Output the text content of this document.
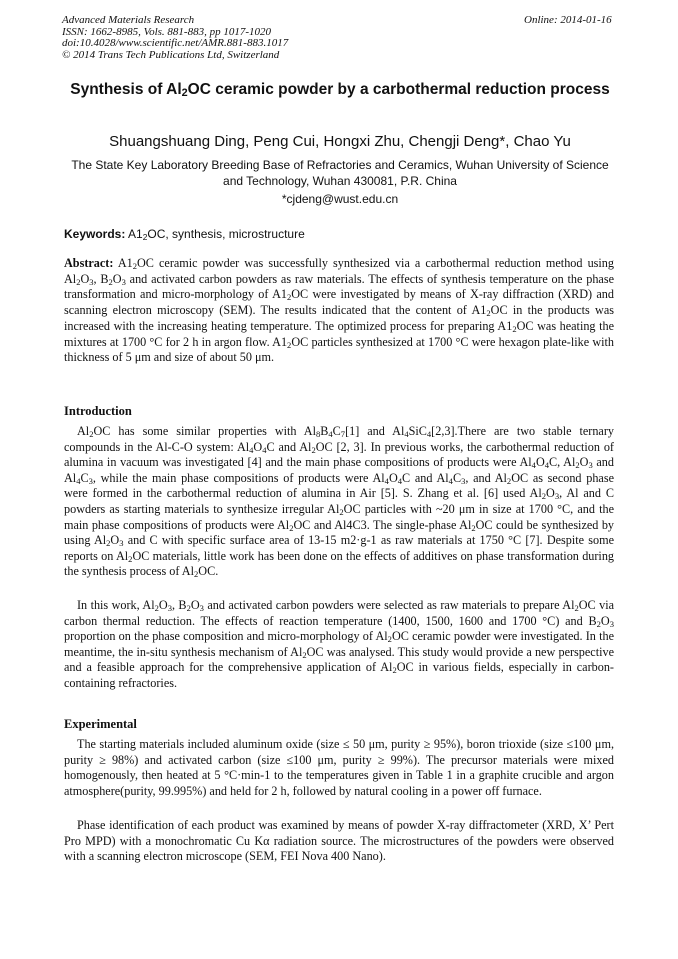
Advanced Materials Research
ISSN: 1662-8985, Vols. 881-883, pp 1017-1020
doi:10.4028/www.scientific.net/AMR.881-883.1017
© 2014 Trans Tech Publications Ltd, Switzerland
Online: 2014-01-16
Synthesis of $Al_2OC$ ceramic powder by a carbothermal reduction process
Shuangshuang Ding, Peng Cui, Hongxi Zhu, Chengji Deng*, Chao Yu
The State Key Laboratory Breeding Base of Refractories and Ceramics, Wuhan University of Science and Technology, Wuhan 430081, P.R. China
*cjdeng@wust.edu.cn
Keywords: $A1_2OC$, synthesis, microstructure

Abstract: $A1_2OC$ ceramic powder was successfully synthesized via a carbothermal reduction method using $Al_2O_3$, $B_2O_3$ and activated carbon powders as raw materials. The effects of synthesis temperature on the phase transformation and micro-morphology of $A1_2OC$ were investigated by means of X-ray diffraction (XRD) and scanning electron microscopy (SEM). The results indicated that the content of $A1_2OC$ in the products was increased with the increasing heating temperature. The optimized process for preparing $A1_2OC$ was heating the mixtures at 1700 °C for 2 h in argon flow. $A1_2OC$ particles synthesized at 1700 °C were hexagon plate-like with thickness of 5 μm and size of about 50 μm.

Introduction

$Al_2OC$ has some similar properties with $Al_8B_4C_7[1]$ and $Al_4SiC_4[2,3].There$ are two stable ternary compounds in the Al-C-O system: $Al_4O_4C$ and $Al_2OC$ [2, 3]. In previous works, the carbothermal reduction of alumina in vacuum was investigated [4] and the main phase compositions of products were $Al_4O_4C$, $Al_2O_3$ and $Al_4C_3$, while the main phase compositions of products were $Al_4O_4C$ and $Al_4C_3$, and $Al_2OC$ as second phase were formed in the carbothermal reduction of alumina in Air [5]. S. Zhang et al. [6] used $Al_2O_3$, Al and C powders as starting materials to synthesize irregular $Al_2OC$ particles with ~20 μm in size at 1700 °C, and the main phase compositions of products were $Al_2OC$ and Al4C3. The single-phase $Al_2OC$ could be synthesized by using $Al_2O_3$ and C with specific surface area of 13-15 m2·g-1 as raw materials at 1750 °C [7]. Despite some reports on $Al_2OC$ materials, little work has been done on the effects of additives on phase transformation during the synthesis process of $Al_2OC$.

In this work, $Al_2O_3$, $B_2O_3$ and activated carbon powders were selected as raw materials to prepare $Al_2OC$ via carbon thermal reduction. The effects of reaction temperature (1400, 1500, 1600 and 1700 °C) and $B_2O_3$ proportion on the phase composition and micro-morphology of $Al_2OC$ ceramic powder were investigated. In the meantime, the in-situ synthesis mechanism of $Al_2OC$ was analysed. This study would provide a new perspective and a feasible approach for the comprehensive application of $Al_2OC$ in various fields, especially in carbon-containing refractories.

Experimental

The starting materials included aluminum oxide (size ≤ 50 μm, purity ≥ 95%), boron trioxide (size ≤100 μm, purity ≥ 98%) and activated carbon (size ≤100 μm, purity ≥ 99%). The precursor materials were mixed homogenously, then heated at 5 °C·min-1 to the temperatures given in Table 1 in a graphite crucible and argon atmosphere(purity, 99.995%) and held for 2 h, followed by natural cooling in a power off furnace.

Phase identification of each product was examined by means of powder X-ray diffractometer (XRD, X’ Pert Pro MPD) with a monochromatic Cu Kα radiation source. The microstructures of the powders were observed with a scanning electron microscope (SEM, FEI Nova 400 Nano).
